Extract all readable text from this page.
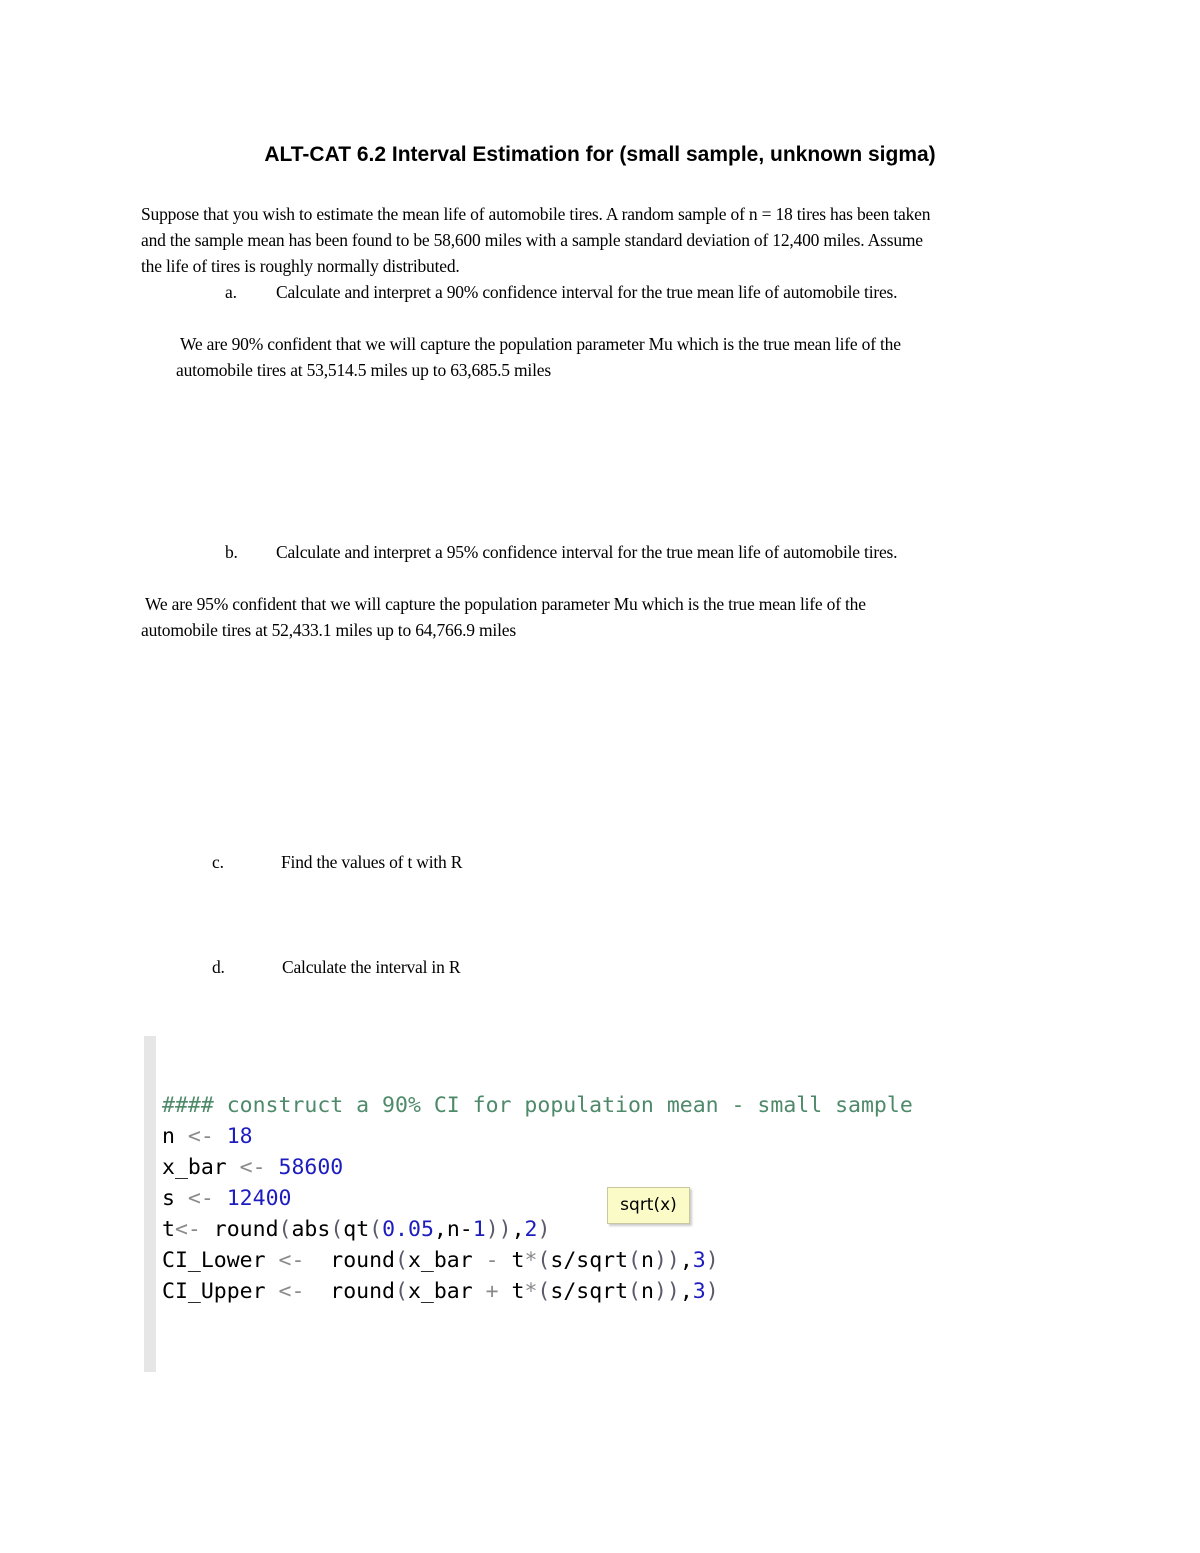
ALT-CAT 6.2 Interval Estimation for (small sample, unknown sigma)
Suppose that you wish to estimate the mean life of automobile tires. A random sample of n = 18 tires has been taken
and the sample mean has been found to be 58,600 miles with a sample standard deviation of 12,400 miles. Assume
the life of tires is roughly normally distributed.
a. Calculate and interpret a 90% confidence interval for the true mean life of automobile tires.
We are 90% confident that we will capture the population parameter Mu which is the true mean life of the
automobile tires at 53,514.5 miles up to 63,685.5 miles
b. Calculate and interpret a 95% confidence interval for the true mean life of automobile tires.
We are 95% confident that we will capture the population parameter Mu which is the true mean life of the
automobile tires at 52,433.1 miles up to 64,766.9 miles
c.	Find the values of t with R
d.	Calculate the interval in R
#### construct a 90% CI for population mean - small sample
n <- 18
x_bar <- 58600
s <- 12400
t<- round(abs(qt(0.05,n-1)),2)
CI_Lower <-  round(x_bar - t*(s/sqrt(n)),3)
CI_Upper <-  round(x_bar + t*(s/sqrt(n)),3)
sqrt(x)
